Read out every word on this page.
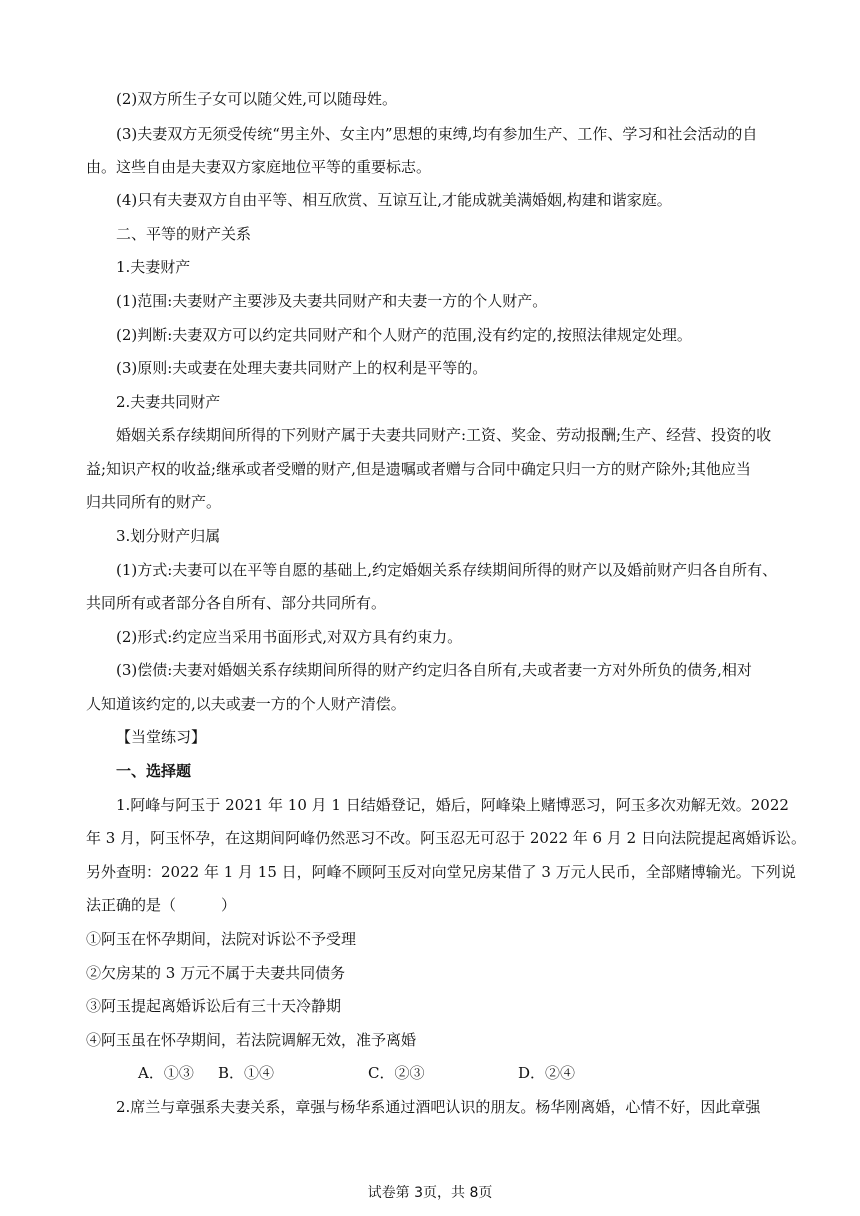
(2)双方所生子女可以随父姓,可以随母姓。
(3)夫妻双方无须受传统“男主外、女主内”思想的束缚,均有参加生产、工作、学习和社会活动的自
由。这些自由是夫妻双方家庭地位平等的重要标志。
(4)只有夫妻双方自由平等、相互欣赏、互谅互让,才能成就美满婚姻,构建和谐家庭。
二、平等的财产关系
1.夫妻财产
(1)范围:夫妻财产主要涉及夫妻共同财产和夫妻一方的个人财产。
(2)判断:夫妻双方可以约定共同财产和个人财产的范围,没有约定的,按照法律规定处理。
(3)原则:夫或妻在处理夫妻共同财产上的权利是平等的。
2.夫妻共同财产
婚姻关系存续期间所得的下列财产属于夫妻共同财产:工资、奖金、劳动报酬;生产、经营、投资的收
益;知识产权的收益;继承或者受赠的财产,但是遗嘱或者赠与合同中确定只归一方的财产除外;其他应当
归共同所有的财产。
3.划分财产归属
(1)方式:夫妻可以在平等自愿的基础上,约定婚姻关系存续期间所得的财产以及婚前财产归各自所有、
共同所有或者部分各自所有、部分共同所有。
(2)形式:约定应当采用书面形式,对双方具有约束力。
(3)偿债:夫妻对婚姻关系存续期间所得的财产约定归各自所有,夫或者妻一方对外所负的债务,相对
人知道该约定的,以夫或妻一方的个人财产清偿。
【当堂练习】
一、选择题
1.阿峰与阿玉于 2021 年 10 月 1 日结婚登记，婚后，阿峰染上赌博恶习，阿玉多次劝解无效。2022
年 3 月，阿玉怀孕，在这期间阿峰仍然恶习不改。阿玉忍无可忍于 2022 年 6 月 2 日向法院提起离婚诉讼。
另外查明：2022 年 1 月 15 日，阿峰不顾阿玉反对向堂兄房某借了 3 万元人民币，全部赌博输光。下列说
法正确的是（　　　）
①阿玉在怀孕期间，法院对诉讼不予受理
②欠房某的 3 万元不属于夫妻共同债务
③阿玉提起离婚诉讼后有三十天冷静期
④阿玉虽在怀孕期间，若法院调解无效，准予离婚
A．①③ B．①④	C．②③	D．②④
2.席兰与章强系夫妻关系，章强与杨华系通过酒吧认识的朋友。杨华刚离婚，心情不好，因此章强
试卷第 3页，共 8页
